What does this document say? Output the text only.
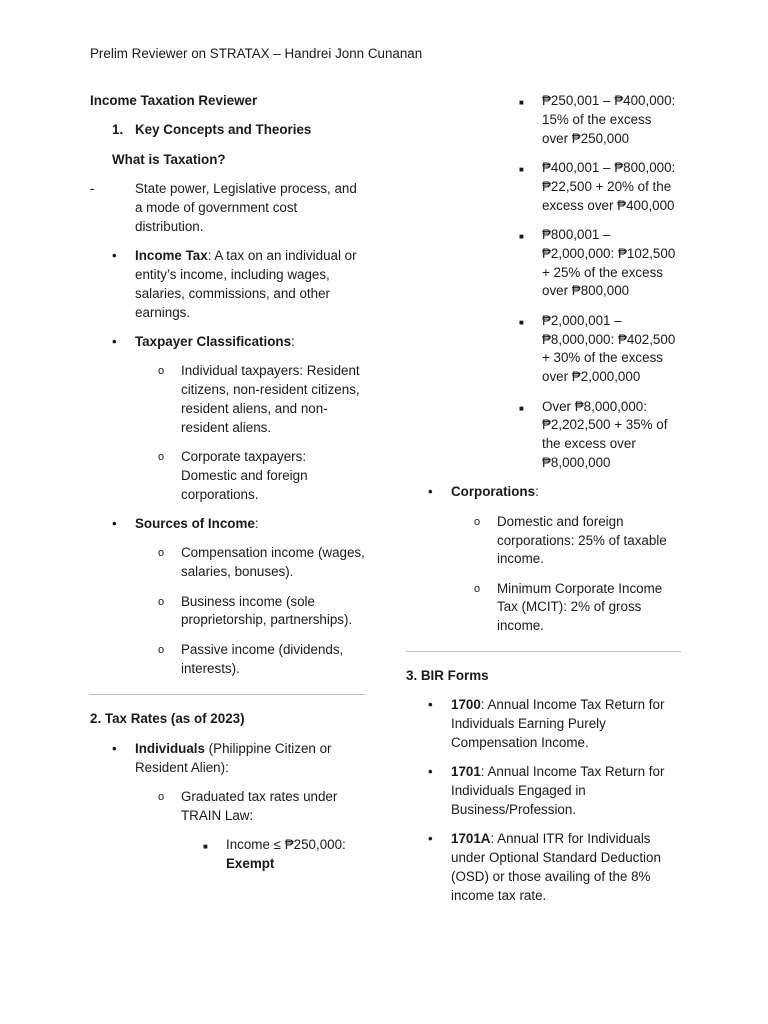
Prelim Reviewer on STRATAX – Handrei Jonn Cunanan

Income Taxation Reviewer

1. Key Concepts and Theories

What is Taxation?

-	State power, Legislative process, and a mode of government cost distribution.
•	Income Tax: A tax on an individual or entity’s income, including wages, salaries, commissions, and other earnings.
•	Taxpayer Classifications:
o	Individual taxpayers: Resident citizens, non-resident citizens, resident aliens, and non-resident aliens.
o	Corporate taxpayers: Domestic and foreign corporations.
•	Sources of Income:
o	Compensation income (wages, salaries, bonuses).
o	Business income (sole proprietorship, partnerships).
o	Passive income (dividends, interests).

2. Tax Rates (as of 2023)

•	Individuals (Philippine Citizen or Resident Alien):
o	Graduated tax rates under TRAIN Law:
■	Income ≤ ₱250,000: Exempt
■	₱250,001 – ₱400,000: 15% of the excess over ₱250,000
■	₱400,001 – ₱800,000: ₱22,500 + 20% of the excess over ₱400,000
■	₱800,001 – ₱2,000,000: ₱102,500 + 25% of the excess over ₱800,000
■	₱2,000,001 – ₱8,000,000: ₱402,500 + 30% of the excess over ₱2,000,000
■	Over ₱8,000,000: ₱2,202,500 + 35% of the excess over ₱8,000,000
•	Corporations:
o	Domestic and foreign corporations: 25% of taxable income.
o	Minimum Corporate Income Tax (MCIT): 2% of gross income.

3. BIR Forms

•	1700: Annual Income Tax Return for Individuals Earning Purely Compensation Income.
•	1701: Annual Income Tax Return for Individuals Engaged in Business/Profession.
•	1701A: Annual ITR for Individuals under Optional Standard Deduction (OSD) or those availing of the 8% income tax rate.
